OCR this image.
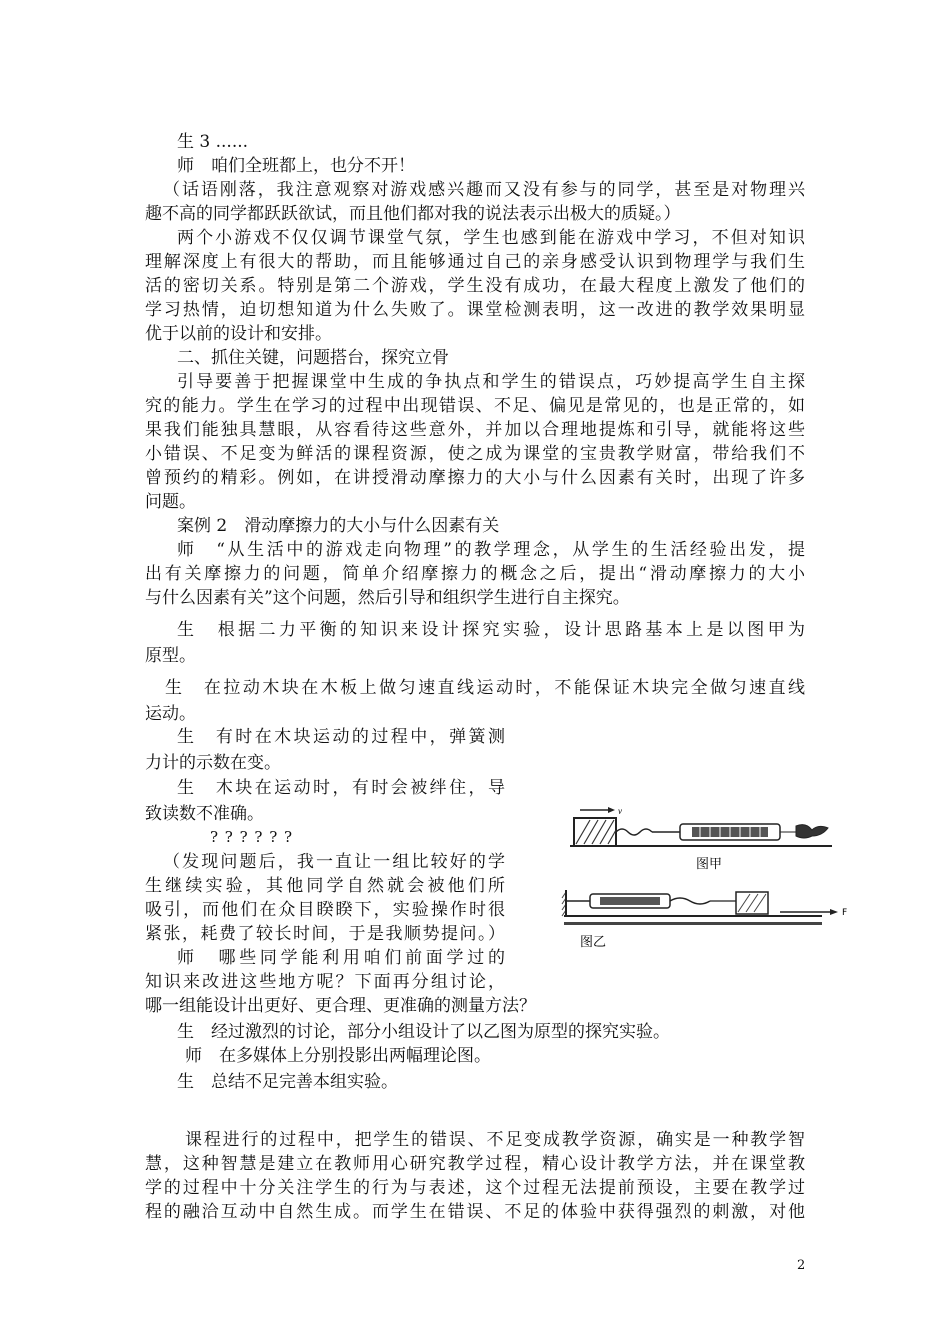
生 3 ......
师　咱们全班都上，也分不开！
（话语刚落，我注意观察对游戏感兴趣而又没有参与的同学，甚至是对物理兴
趣不高的同学都跃跃欲试，而且他们都对我的说法表示出极大的质疑。）
两个小游戏不仅仅调节课堂气氛，学生也感到能在游戏中学习，不但对知识
理解深度上有很大的帮助，而且能够通过自己的亲身感受认识到物理学与我们生
活的密切关系。特别是第二个游戏，学生没有成功，在最大程度上激发了他们的
学习热情，迫切想知道为什么失败了。课堂检测表明，这一改进的教学效果明显
优于以前的设计和安排。
二、抓住关键，问题搭台，探究立骨
引导要善于把握课堂中生成的争执点和学生的错误点，巧妙提高学生自主探
究的能力。学生在学习的过程中出现错误、不足、偏见是常见的，也是正常的，如
果我们能独具慧眼，从容看待这些意外，并加以合理地提炼和引导，就能将这些
小错误、不足变为鲜活的课程资源，使之成为课堂的宝贵教学财富，带给我们不
曾预约的精彩。例如，在讲授滑动摩擦力的大小与什么因素有关时，出现了许多
问题。
案例 2　滑动摩擦力的大小与什么因素有关
师　“从生活中的游戏走向物理”的教学理念，从学生的生活经验出发，提
出有关摩擦力的问题，简单介绍摩擦力的概念之后，提出“滑动摩擦力的大小
与什么因素有关”这个问题，然后引导和组织学生进行自主探究。
生　根据二力平衡的知识来设计探究实验，设计思路基本上是以图甲为
原型。
生　在拉动木块在木板上做匀速直线运动时，不能保证木块完全做匀速直线
运动。
生　有时在木块运动的过程中，弹簧测
力计的示数在变。
生　木块在运动时，有时会被绊住，导
致读数不准确。
? ? ? ? ? ?
（发现问题后，我一直让一组比较好的学
生继续实验，其他同学自然就会被他们所
吸引，而他们在众目睽睽下，实验操作时很
紧张，耗费了较长时间，于是我顺势提问。）
师　哪些同学能利用咱们前面学过的
知识来改进这些地方呢？下面再分组讨论，
哪一组能设计出更好、更合理、更准确的测量方法？
生　经过激烈的讨论，部分小组设计了以乙图为原型的探究实验。
师　在多媒体上分别投影出两幅理论图。
生　总结不足完善本组实验。
课程进行的过程中，把学生的错误、不足变成教学资源，确实是一种教学智
慧，这种智慧是建立在教师用心研究教学过程，精心设计教学方法，并在课堂教
学的过程中十分关注学生的行为与表述，这个过程无法提前预设，主要在教学过
程的融洽互动中自然生成。而学生在错误、不足的体验中获得强烈的刺激，对他
v
图甲
F
图乙
2
